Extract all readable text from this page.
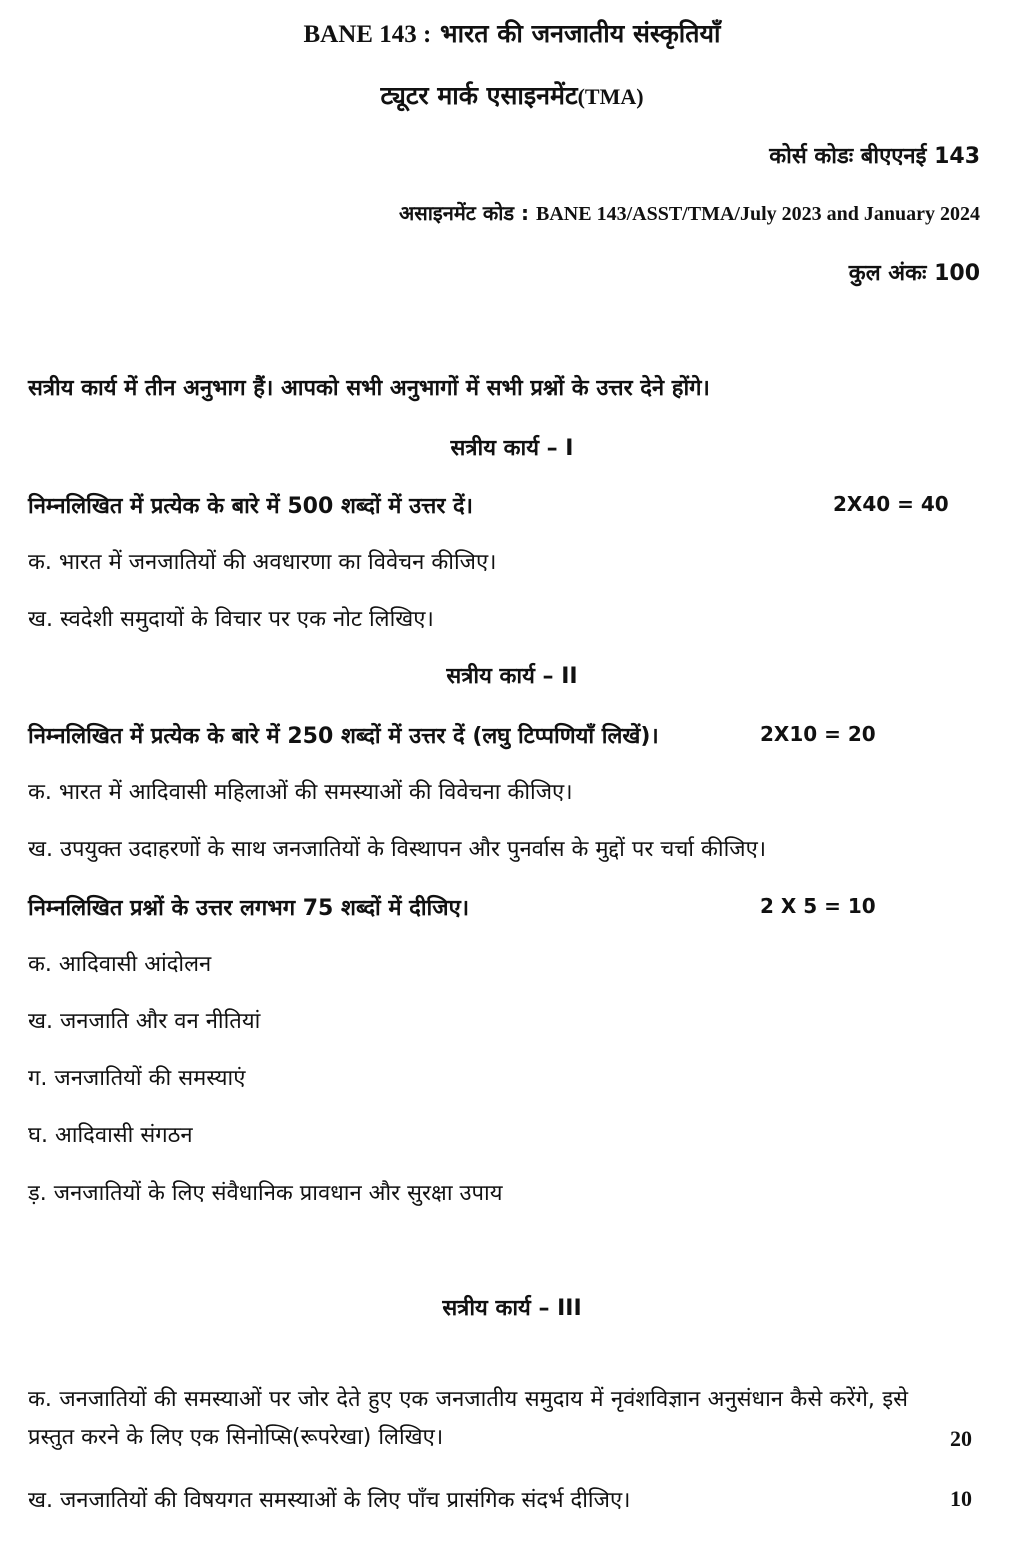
BANE 143 : भारत की जनजातीय संस्कृतियाँ
ट्यूटर मार्क एसाइनमेंट(TMA)
कोर्स कोडः बीएएनई 143
असाइनमेंट कोड : BANE 143/ASST/TMA/July 2023 and January 2024
कुल अंकः 100
सत्रीय कार्य में तीन अनुभाग हैं। आपको सभी अनुभागों में सभी प्रश्नों के उत्तर देने होंगे।
सत्रीय कार्य – I
निम्नलिखित में प्रत्येक के बारे में 500 शब्दों में उत्तर दें।	2X40 = 40
क. भारत में जनजातियों की अवधारणा का विवेचन कीजिए।
ख. स्वदेशी समुदायों के विचार पर एक नोट लिखिए।
सत्रीय कार्य – II
निम्नलिखित में प्रत्येक के बारे में 250 शब्दों में उत्तर दें (लघु टिप्पणियाँ लिखें)।	2X10 = 20
क. भारत में आदिवासी महिलाओं की समस्याओं की विवेचना कीजिए।
ख. उपयुक्त उदाहरणों के साथ जनजातियों के विस्थापन और पुनर्वास के मुद्दों पर चर्चा कीजिए।
निम्नलिखित प्रश्नों के उत्तर लगभग 75 शब्दों में दीजिए।	2 X 5 = 10
क. आदिवासी आंदोलन
ख. जनजाति और वन नीतियां
ग. जनजातियों की समस्याएं
घ. आदिवासी संगठन
ड़. जनजातियों के लिए संवैधानिक प्रावधान और सुरक्षा उपाय
सत्रीय कार्य – III
क. जनजातियों की समस्याओं पर जोर देते हुए एक जनजातीय समुदाय में नृवंशविज्ञान अनुसंधान कैसे करेंगे, इसे प्रस्तुत करने के लिए एक सिनोप्सि(रूपरेखा) लिखिए।	20
ख. जनजातियों की विषयगत समस्याओं के लिए पाँच प्रासंगिक संदर्भ दीजिए।	10
